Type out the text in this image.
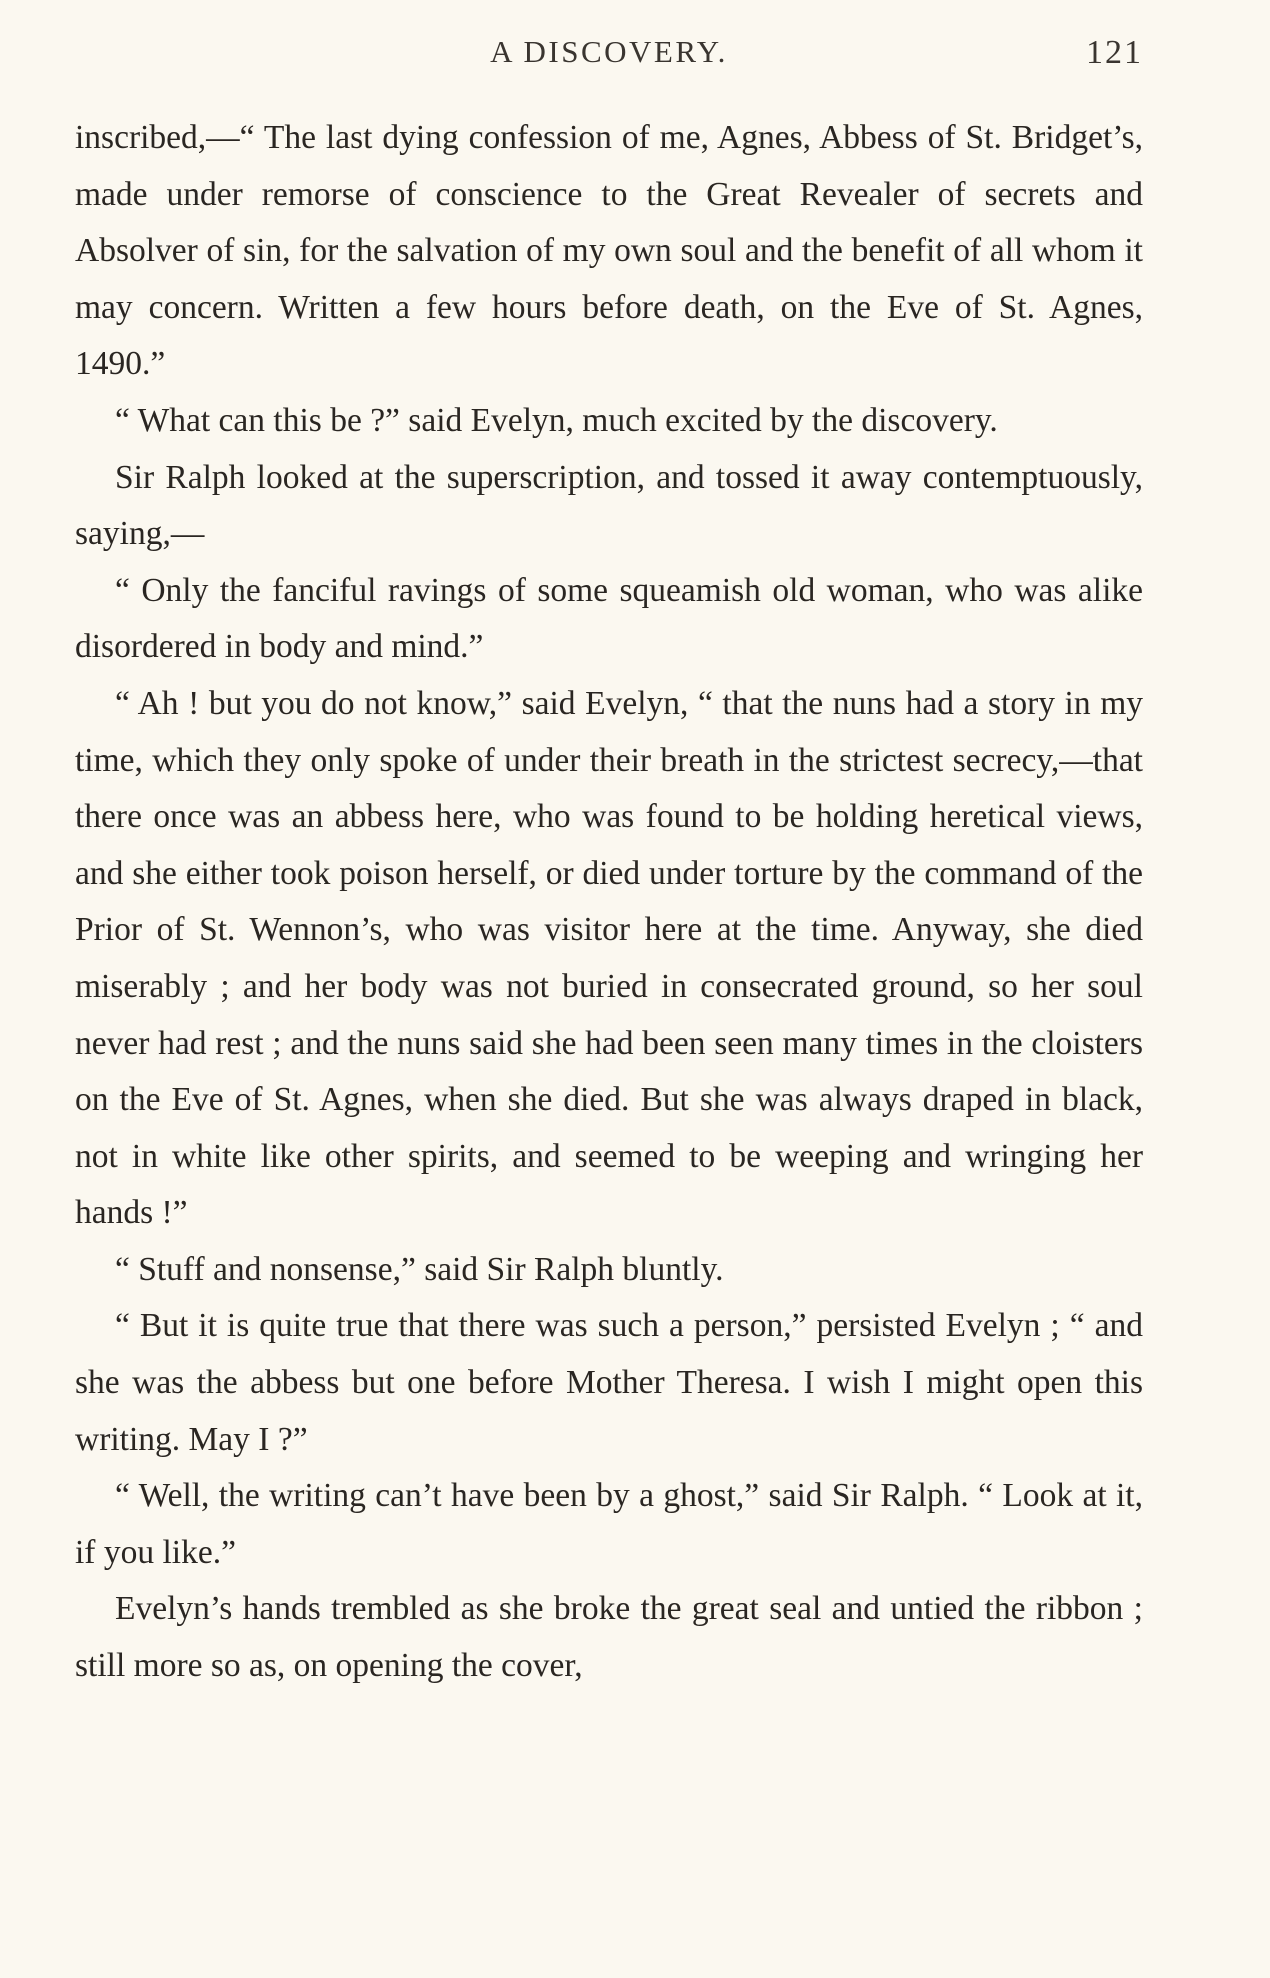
A DISCOVERY.	121

inscribed,—“ The last dying confession of me, Agnes, Abbess of St. Bridget’s, made under remorse of conscience to the Great Revealer of secrets and Absolver of sin, for the salvation of my own soul and the benefit of all whom it may concern. Written a few hours before death, on the Eve of St. Agnes, 1490.”

“ What can this be ?” said Evelyn, much excited by the discovery.

Sir Ralph looked at the superscription, and tossed it away contemptuously, saying,—

“ Only the fanciful ravings of some squeamish old woman, who was alike disordered in body and mind.”

“ Ah ! but you do not know,” said Evelyn, “ that the nuns had a story in my time, which they only spoke of under their breath in the strictest secrecy,—that there once was an abbess here, who was found to be holding heretical views, and she either took poison herself, or died under torture by the command of the Prior of St. Wennon’s, who was visitor here at the time. Anyway, she died miserably ; and her body was not buried in consecrated ground, so her soul never had rest ; and the nuns said she had been seen many times in the cloisters on the Eve of St. Agnes, when she died. But she was always draped in black, not in white like other spirits, and seemed to be weeping and wringing her hands !”

“ Stuff and nonsense,” said Sir Ralph bluntly.

“ But it is quite true that there was such a person,” persisted Evelyn ; “ and she was the abbess but one before Mother Theresa. I wish I might open this writing. May I ?”

“ Well, the writing can’t have been by a ghost,” said Sir Ralph. “ Look at it, if you like.”

Evelyn’s hands trembled as she broke the great seal and untied the ribbon ; still more so as, on opening the cover,
